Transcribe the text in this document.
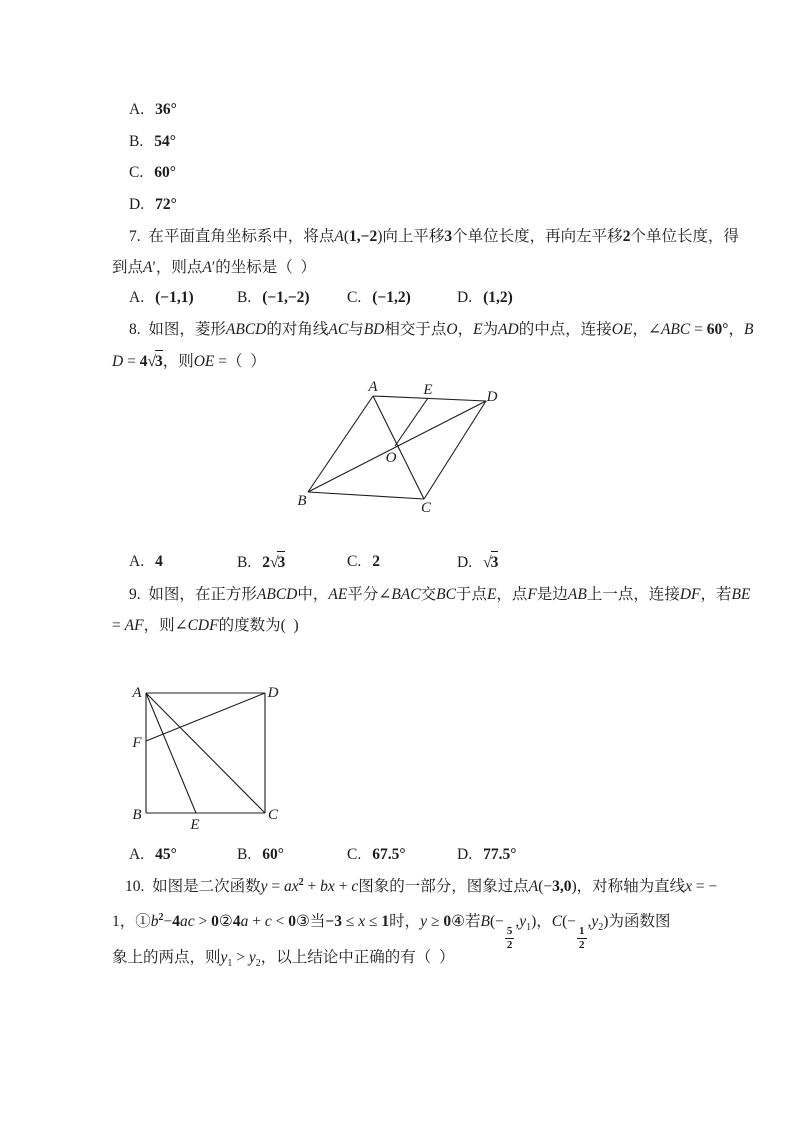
A. 36°
B. 54°
C. 60°
D. 72°
7.  在平面直角坐标系中，将点A(1,−2)向上平移3个单位长度，再向左平移2个单位长度，得
到点A′，则点A′的坐标是（  ）
A. (−1,1)	B. (−1,−2) C. (−1,2)	D. (1,2)
8.  如图，菱形ABCD的对角线AC与BD相交于点O，E为AD的中点，连接OE，∠ABC = 60°，B
D = 4 √ 3 ，则OE =（  ）
A	E	D
O
B	C
A. 4	B. 2 √ 3	C. 2	D. √ 3
9.  如图，在正方形ABCD中，AE平分∠BAC交BC于点E，点F是边AB上一点，连接DF，若BE
= AF，则∠CDF的度数为(  )
A	D
F
B
E
C
A. 45°	B. 60°	C. 67.5°	D. 77.5°
10.  如图是二次函数$y = ax^2$ + bx + c图象的一部分，图象过点A(−3,0)，对称轴为直线x = −
1，$①b^2-4ac$ > 0②4a + c < 0③当−3 ≤ x ≤ 1时，y ≥ 0④若B(−
$\frac{5}{2}$
$,y_1$)，C(−
$\frac{1}{2}$
$,y_2$)为函数图
象上的两点，则$y_1 > y_2$，以上结论中正确的有（  ）
